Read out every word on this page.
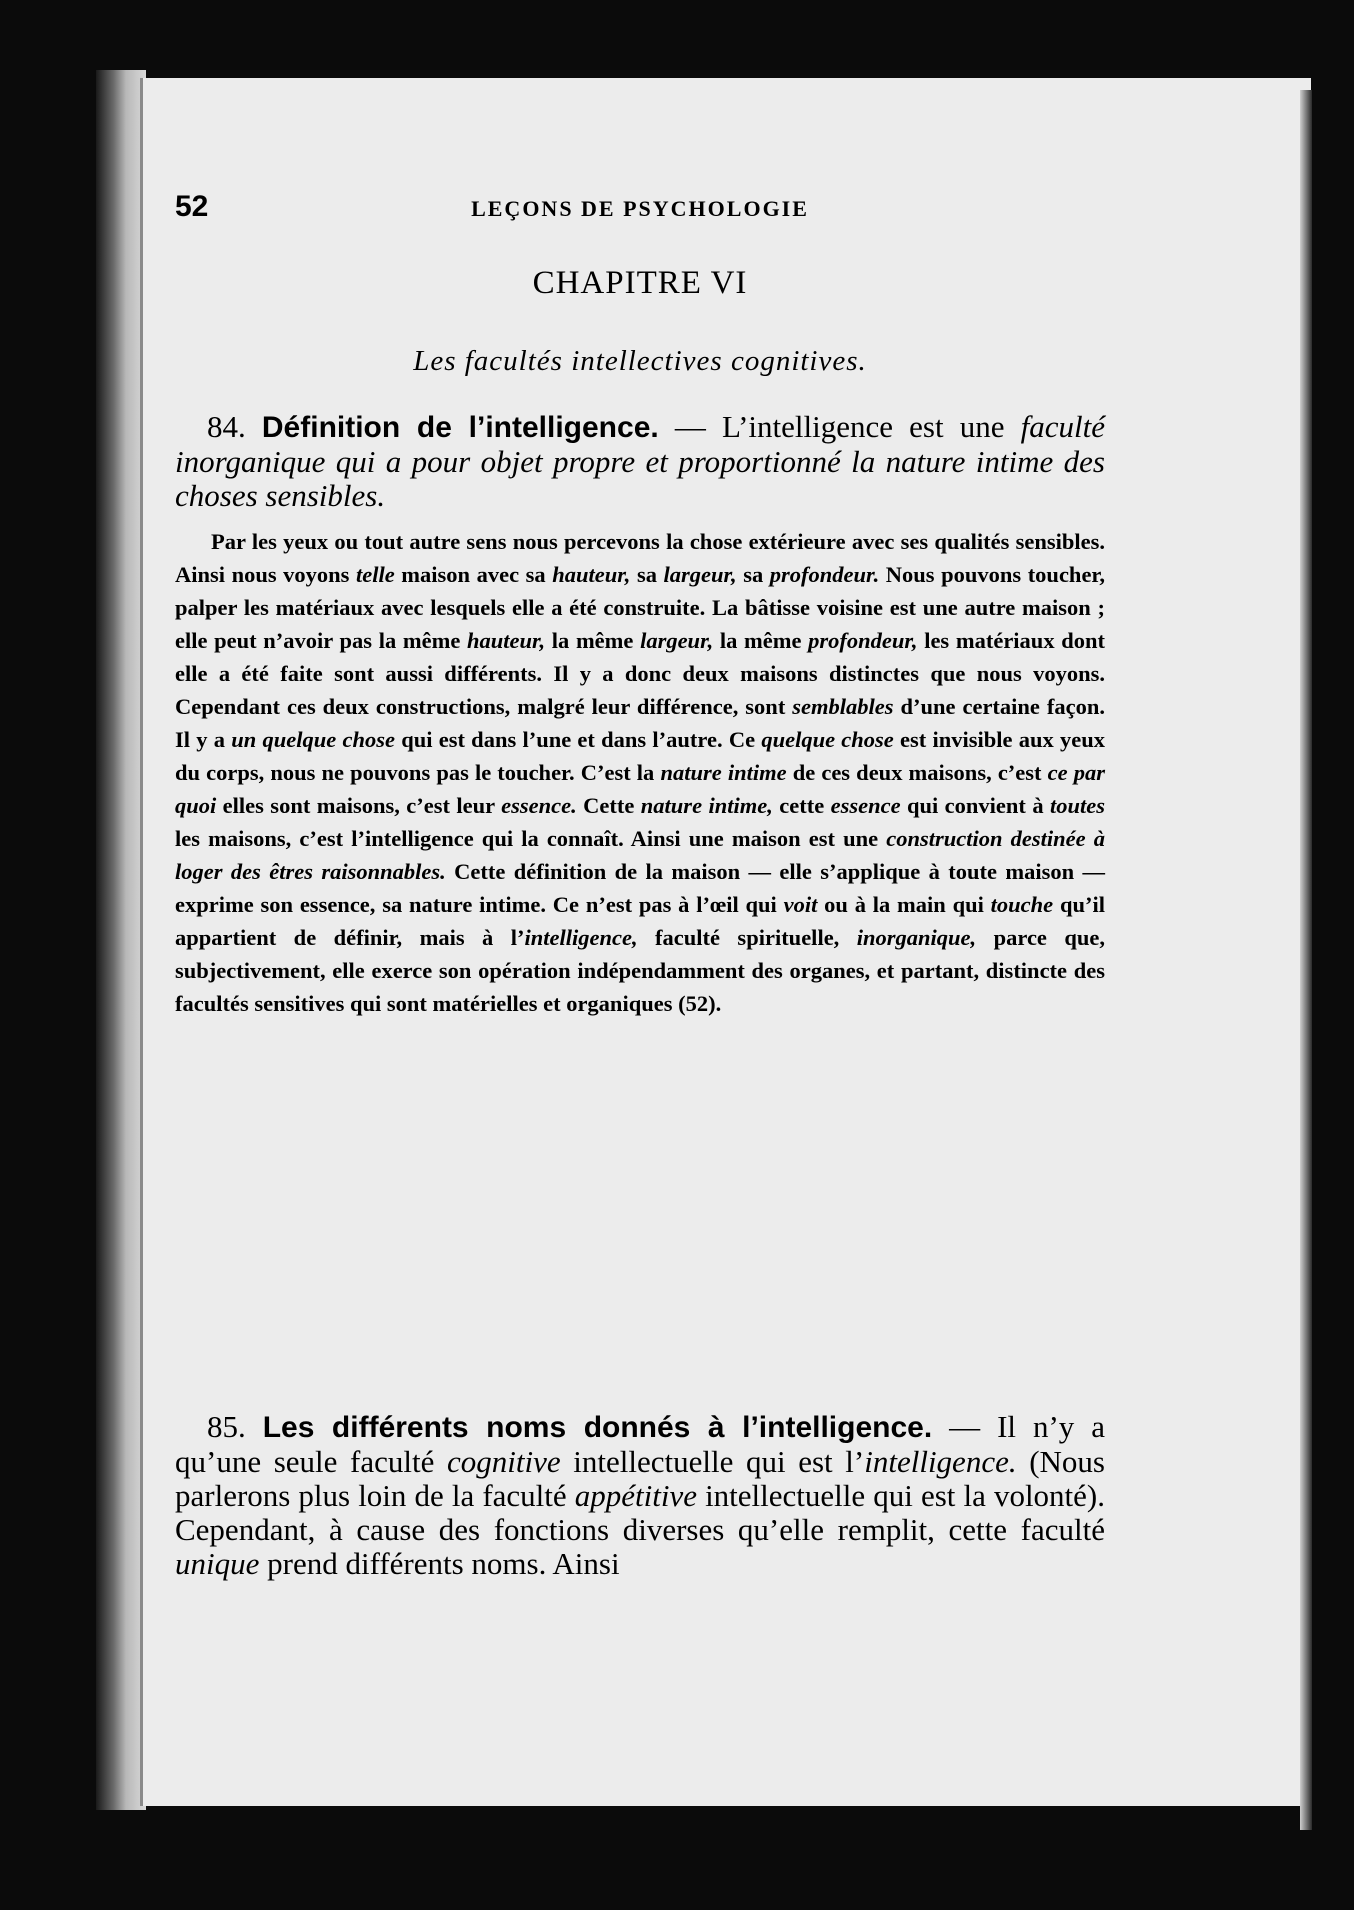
52	LEÇONS DE PSYCHOLOGIE
CHAPITRE VI
Les facultés intellectives cognitives.
84. Définition de l’intelligence. — L’intelligence est une faculté inorganique qui a pour objet propre et proportionné la nature intime des choses sensibles.

Par les yeux ou tout autre sens nous percevons la chose extérieure avec ses qualités sensibles. Ainsi nous voyons telle maison avec sa hauteur, sa largeur, sa profondeur. Nous pouvons toucher, palper les matériaux avec lesquels elle a été construite. La bâtisse voisine est une autre maison ; elle peut n’avoir pas la même hauteur, la même largeur, la même profondeur, les matériaux dont elle a été faite sont aussi différents. Il y a donc deux maisons distinctes que nous voyons. Cependant ces deux constructions, malgré leur différence, sont semblables d’une certaine façon. Il y a un quelque chose qui est dans l’une et dans l’autre. Ce quelque chose est invisible aux yeux du corps, nous ne pouvons pas le toucher. C’est la nature intime de ces deux maisons, c’est ce par quoi elles sont maisons, c’est leur essence. Cette nature intime, cette essence qui convient à toutes les maisons, c’est l’intelligence qui la connaît. Ainsi une maison est une construction destinée à loger des êtres raisonnables. Cette définition de la maison — elle s’applique à toute maison — exprime son essence, sa nature intime. Ce n’est pas à l’œil qui voit ou à la main qui touche qu’il appartient de définir, mais à l’intelligence, faculté spirituelle, inorganique, parce que, subjectivement, elle exerce son opération indépendamment des organes, et partant, distincte des facultés sensitives qui sont matérielles et organiques (52).

85. Les différents noms donnés à l’intelligence. — Il n’y a qu’une seule faculté cognitive intellectuelle qui est l’intelligence. (Nous parlerons plus loin de la faculté appétitive intellectuelle qui est la volonté). Cependant, à cause des fonctions diverses qu’elle remplit, cette faculté unique prend différents noms. Ainsi
